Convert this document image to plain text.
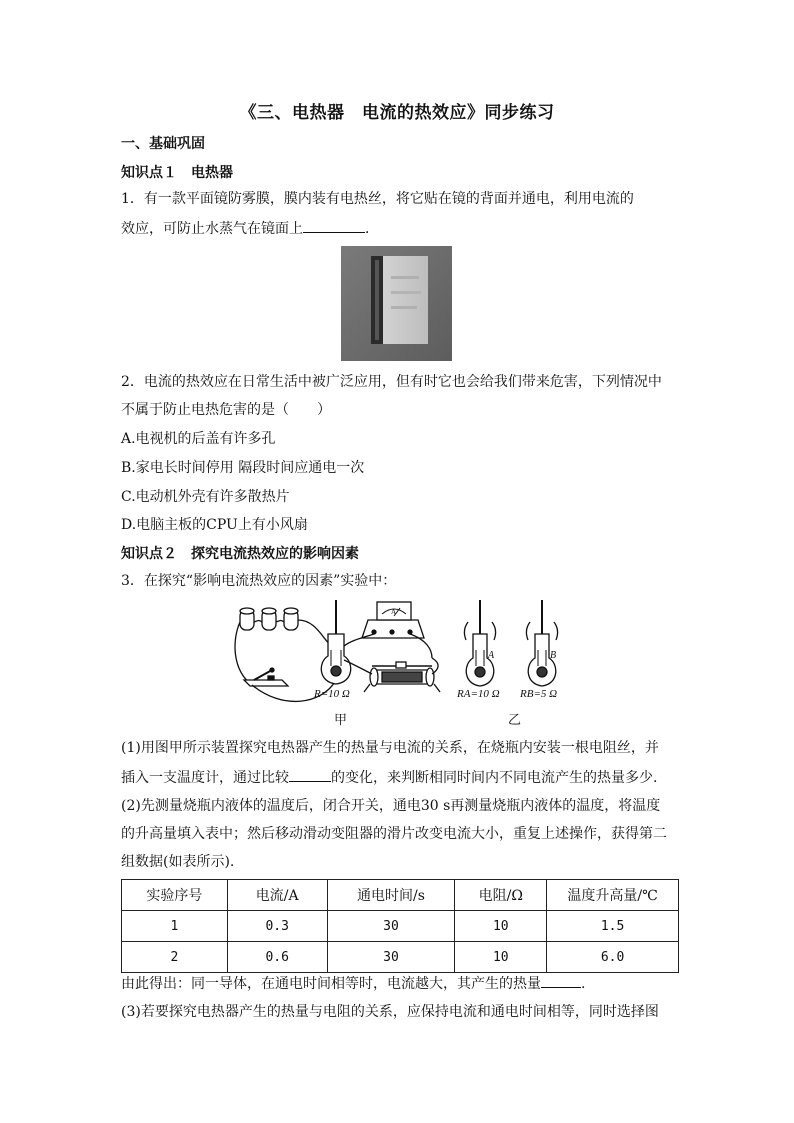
《三、电热器　电流的热效应》同步练习
一、基础巩固
知识点１　电热器
1．有一款平面镜防雾膜，膜内装有电热丝，将它贴在镜的背面并通电，利用电流的
效应，可防止水蒸气在镜面上	．
2．电流的热效应在日常生活中被广泛应用，但有时它也会给我们带来危害，下列情况中
不属于防止电热危害的是（　　）
A.电视机的后盖有许多孔
B.家电长时间停用 隔段时间应通电一次
C.电动机外壳有许多散热片
D.电脑主板的CPU上有小风扇
知识点２　探究电流热效应的影响因素
3．在探究“影响电流热效应的因素”实验中：
R=10 Ω
A
A
RA=10 Ω
B
RB=5 Ω
甲	乙
(1)用图甲所示装置探究电热器产生的热量与电流的关系，在烧瓶内安装一根电阻丝，并
插入一支温度计，通过比较	的变化，来判断相同时间内不同电流产生的热量多少.
(2)先测量烧瓶内液体的温度后，闭合开关，通电30 s再测量烧瓶内液体的温度，将温度
的升高量填入表中；然后移动滑动变阻器的滑片改变电流大小，重复上述操作，获得第二
组数据(如表所示).
实验序号	电流/A	通电时间/s	电阻/Ω	温度升高量/℃
1	0.3	30	10	1.5
2	0.6	30	10	6.0
由此得出：同一导体，在通电时间相等时，电流越大，其产生的热量	.
(3)若要探究电热器产生的热量与电阻的关系，应保持电流和通电时间相等，同时选择图
